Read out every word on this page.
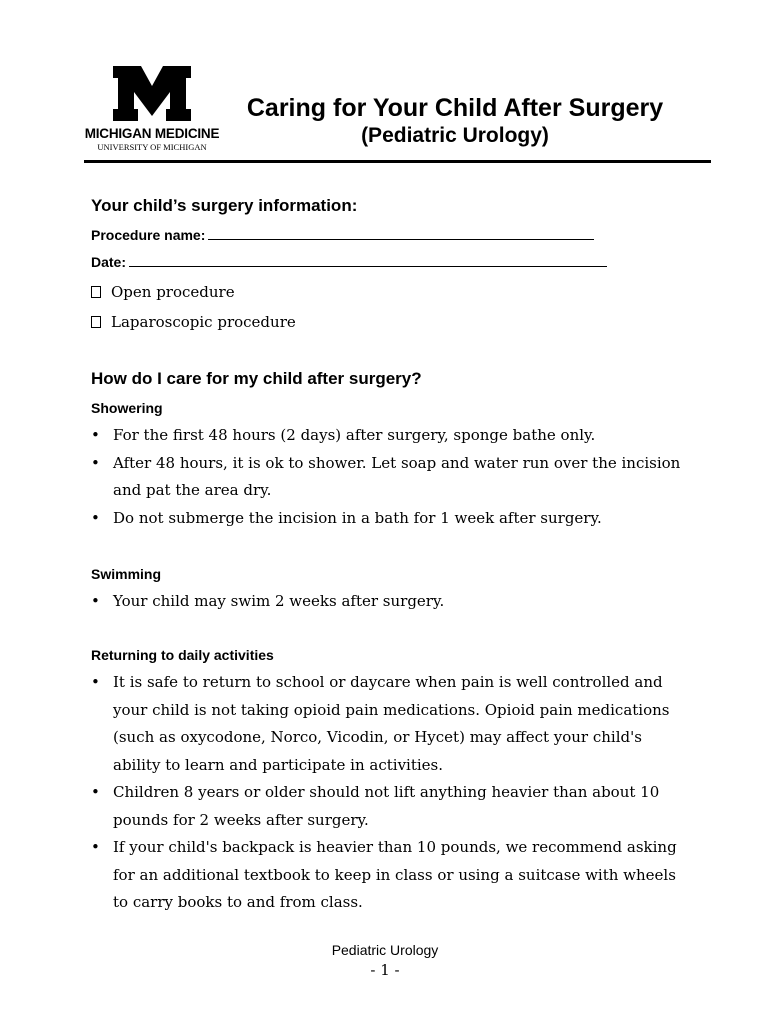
MICHIGAN MEDICINE
UNIVERSITY OF MICHIGAN
Caring for Your Child After Surgery
(Pediatric Urology)
Your child’s surgery information:
Procedure name:
Date:
Open procedure
Laparoscopic procedure
How do I care for my child after surgery?
Showering
• For the first 48 hours (2 days) after surgery, sponge bathe only.
• After 48 hours, it is ok to shower. Let soap and water run over the incision and pat the area dry.
• Do not submerge the incision in a bath for 1 week after surgery.
Swimming
• Your child may swim 2 weeks after surgery.
Returning to daily activities
• It is safe to return to school or daycare when pain is well controlled and your child is not taking opioid pain medications. Opioid pain medications (such as oxycodone, Norco, Vicodin, or Hycet) may affect your child's ability to learn and participate in activities.
• Children 8 years or older should not lift anything heavier than about 10 pounds for 2 weeks after surgery.
• If your child's backpack is heavier than 10 pounds, we recommend asking for an additional textbook to keep in class or using a suitcase with wheels to carry books to and from class.
Pediatric Urology
- 1 -
